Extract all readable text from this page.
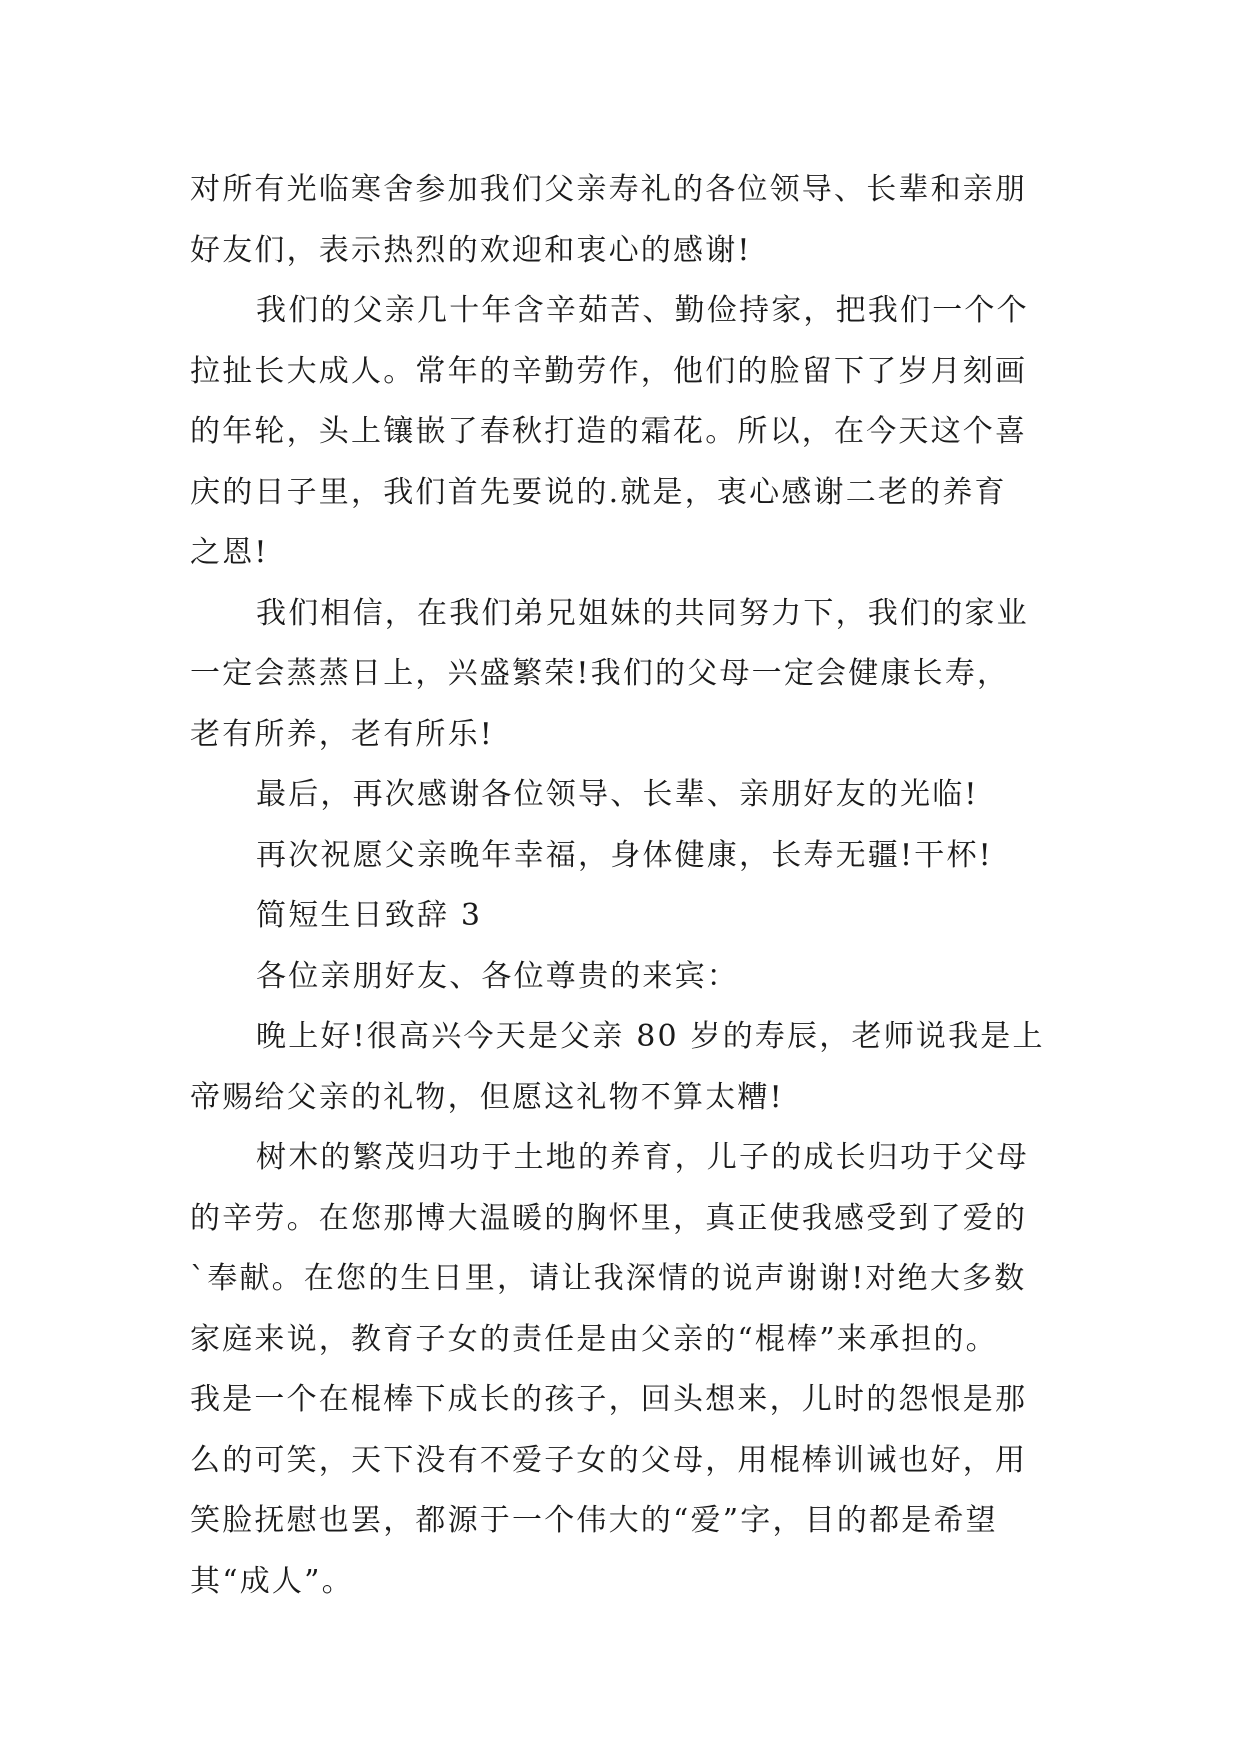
对所有光临寒舍参加我们父亲寿礼的各位领导、长辈和亲朋
好友们，表示热烈的欢迎和衷心的感谢!
我们的父亲几十年含辛茹苦、勤俭持家，把我们一个个
拉扯长大成人。常年的辛勤劳作，他们的脸留下了岁月刻画
的年轮，头上镶嵌了春秋打造的霜花。所以，在今天这个喜
庆的日子里，我们首先要说的.就是，衷心感谢二老的养育
之恩!
我们相信，在我们弟兄姐妹的共同努力下，我们的家业
一定会蒸蒸日上，兴盛繁荣!我们的父母一定会健康长寿，
老有所养，老有所乐!
最后，再次感谢各位领导、长辈、亲朋好友的光临!
再次祝愿父亲晚年幸福，身体健康，长寿无疆!干杯!
简短生日致辞 3
各位亲朋好友、各位尊贵的来宾：
晚上好!很高兴今天是父亲 80 岁的寿辰，老师说我是上
帝赐给父亲的礼物，但愿这礼物不算太糟!
树木的繁茂归功于土地的养育，儿子的成长归功于父母
的辛劳。在您那博大温暖的胸怀里，真正使我感受到了爱的
`奉献。在您的生日里，请让我深情的说声谢谢!对绝大多数
家庭来说，教育子女的责任是由父亲的“棍棒”来承担的。
我是一个在棍棒下成长的孩子，回头想来，儿时的怨恨是那
么的可笑，天下没有不爱子女的父母，用棍棒训诫也好，用
笑脸抚慰也罢，都源于一个伟大的“爱”字，目的都是希望
其“成人”。
